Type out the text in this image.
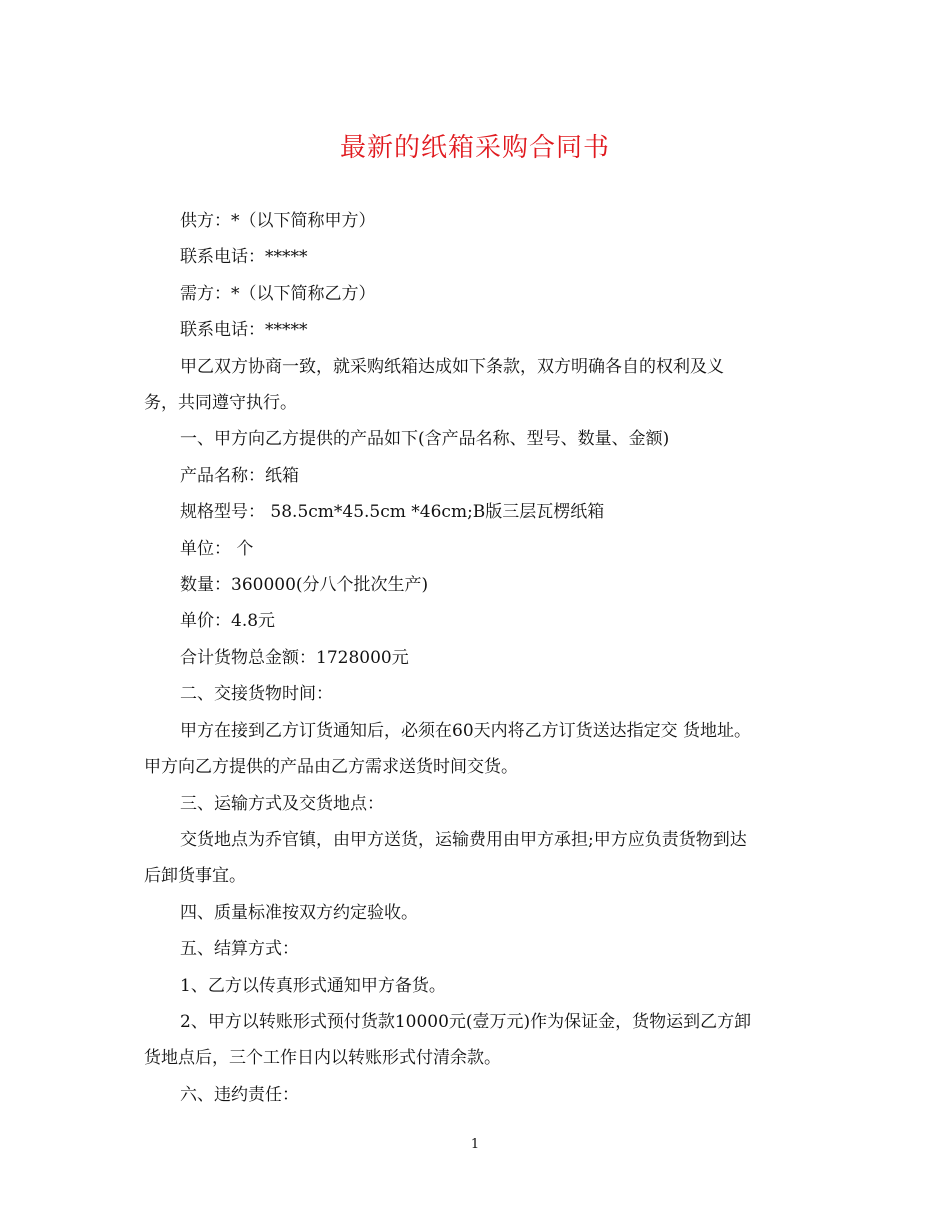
最新的纸箱采购合同书

供方：*（以下简称甲方）

联系电话：*****

需方：*（以下简称乙方）

联系电话：*****

甲乙双方协商一致，就采购纸箱达成如下条款，双方明确各自的权利及义
务，共同遵守执行。

一、甲方向乙方提供的产品如下(含产品名称、型号、数量、金额)

产品名称：纸箱

规格型号： 58.5cm*45.5cm *46cm;B版三层瓦楞纸箱

单位： 个

数量：360000(分八个批次生产)

单价：4.8元

合计货物总金额：1728000元

二、交接货物时间：

甲方在接到乙方订货通知后，必须在60天内将乙方订货送达指定交 货地址。
甲方向乙方提供的产品由乙方需求送货时间交货。

三、运输方式及交货地点：

交货地点为乔官镇，由甲方送货，运输费用由甲方承担;甲方应负责货物到达
后卸货事宜。

四、质量标准按双方约定验收。

五、结算方式：

1、乙方以传真形式通知甲方备货。

2、甲方以转账形式预付货款10000元(壹万元)作为保证金，货物运到乙方卸
货地点后，三个工作日内以转账形式付清余款。

六、违约责任：

1
